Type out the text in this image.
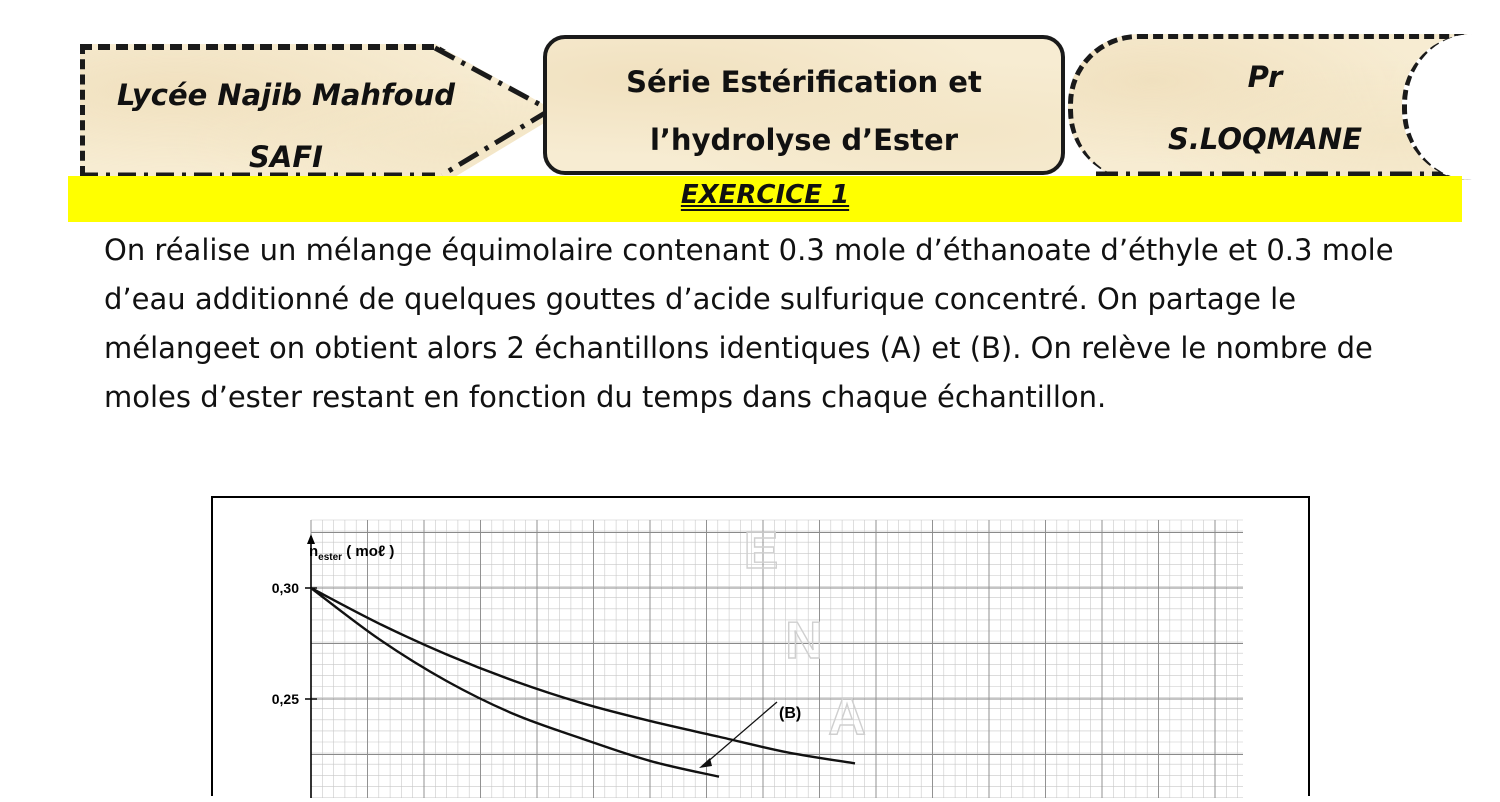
Lycée Najib Mahfoud
SAFI
Série Estérification et
l’hydrolyse d’Ester
Pr
S.LOQMANE
EXERCICE 1

On réalise un mélange équimolaire contenant 0.3 mole d’éthanoate d’éthyle et 0.3 mole d’eau additionné de quelques gouttes d’acide sulfurique concentré. On partage le mélangeet on obtient alors 2 échantillons identiques (A) et (B). On relève le nombre de moles d’ester restant en fonction du temps dans chaque échantillon.

$n_{ester}$ ( moℓ )
0,30
0,25
E
N
A
(B)
